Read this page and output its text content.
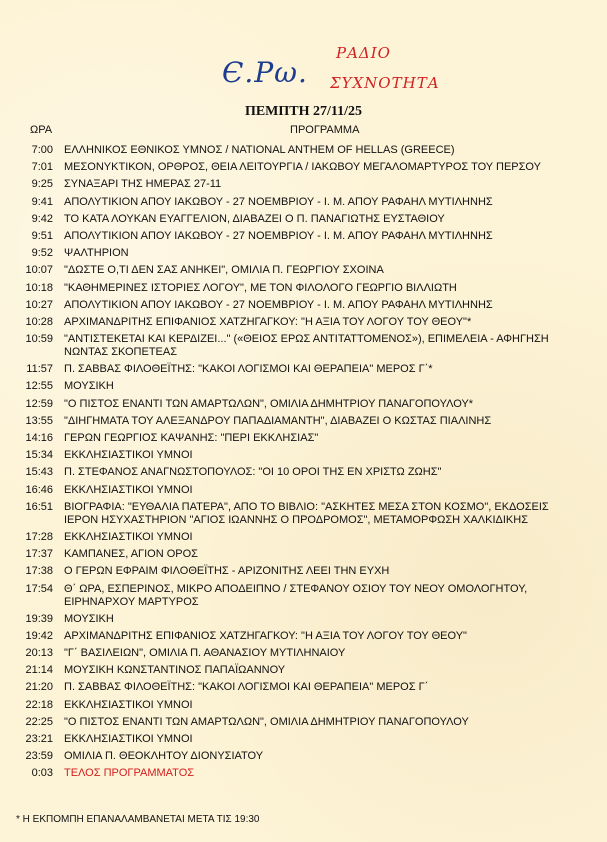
Є.Ρω.
ΡΑΔΙΟ
ΣΥΧΝΟΤΗΤΑ
ΠΕΜΠΤΗ 27/11/25
ΩΡΑ	ΠΡΟΓΡΑΜΜΑ
7:00 ΕΛΛΗΝΙΚΟΣ ΕΘΝΙΚΟΣ ΥΜΝΟΣ / NATIONAL ANTHEM OF HELLAS (GREECE)
7:01 ΜΕΣΟΝΥΚΤΙΚΟΝ, ΟΡΘΡΟΣ, ΘΕΙΑ ΛΕΙΤΟΥΡΓΙΑ / ΙΑΚΩΒΟΥ ΜΕΓΑΛΟΜΑΡΤΥΡΟΣ ΤΟΥ ΠΕΡΣΟΥ
9:25 ΣΥΝΑΞΑΡΙ ΤΗΣ ΗΜΕΡΑΣ 27-11
9:41 ΑΠΟΛΥΤΙΚΙΟΝ ΑΠΟΥ ΙΑΚΩΒΟΥ - 27 ΝΟΕΜΒΡΙΟΥ - Ι. Μ. ΑΠΟΥ ΡΑΦΑΗΛ ΜΥΤΙΛΗΝΗΣ
9:42 ΤΟ ΚΑΤΑ ΛΟΥΚΑΝ ΕΥΑΓΓΕΛΙΟΝ, ΔΙΑΒΑΖΕΙ Ο Π. ΠΑΝΑΓΙΩΤΗΣ ΕΥΣΤΑΘΙΟΥ
9:51 ΑΠΟΛΥΤΙΚΙΟΝ ΑΠΟΥ ΙΑΚΩΒΟΥ - 27 ΝΟΕΜΒΡΙΟΥ - Ι. Μ. ΑΠΟΥ ΡΑΦΑΗΛ ΜΥΤΙΛΗΝΗΣ
9:52 ΨΑΛΤΗΡΙΟΝ
10:07 "ΔΩΣΤΕ Ο,ΤΙ ΔΕΝ ΣΑΣ ΑΝΗΚΕΙ", ΟΜΙΛΙΑ Π. ΓΕΩΡΓΙΟΥ ΣΧΟΙΝΑ
10:18 "ΚΑΘΗΜΕΡΙΝΕΣ ΙΣΤΟΡΙΕΣ ΛΟΓΟΥ", ΜΕ ΤΟΝ ΦΙΛΟΛΟΓΟ ΓΕΩΡΓΙΟ ΒΙΛΛΙΩΤΗ
10:27 ΑΠΟΛΥΤΙΚΙΟΝ ΑΠΟΥ ΙΑΚΩΒΟΥ - 27 ΝΟΕΜΒΡΙΟΥ - Ι. Μ. ΑΠΟΥ ΡΑΦΑΗΛ ΜΥΤΙΛΗΝΗΣ
10:28 ΑΡΧΙΜΑΝΔΡΙΤΗΣ ΕΠΙΦΑΝΙΟΣ ΧΑΤΖΗΓΑΓΚΟΥ: "Η ΑΞΙΑ ΤΟΥ ΛΟΓΟΥ ΤΟΥ ΘΕΟΥ"*
10:59 "ΑΝΤΙΣΤΕΚΕΤΑΙ ΚΑΙ ΚΕΡΔΙΖΕΙ..." («ΘΕΙΟΣ ΕΡΩΣ ΑΝΤΙΤΑΤΤΟΜΕΝΟΣ»), ΕΠΙΜΕΛΕΙΑ - ΑΦΗΓΗΣΗ
ΝΩΝΤΑΣ ΣΚΟΠΕΤΕΑΣ
11:57 Π. ΣΑΒΒΑΣ ΦΙΛΟΘΕΪΤΗΣ: "ΚΑΚΟΙ ΛΟΓΙΣΜΟΙ ΚΑΙ ΘΕΡΑΠΕΙΑ" ΜΕΡΟΣ Γ΄*
12:55 ΜΟΥΣΙΚΗ
12:59 "Ο ΠΙΣΤΟΣ ΕΝΑΝΤΙ ΤΩΝ ΑΜΑΡΤΩΛΩΝ", ΟΜΙΛΙΑ ΔΗΜΗΤΡΙΟΥ ΠΑΝΑΓΟΠΟΥΛΟΥ*
13:55 "ΔΙΗΓΗΜΑΤΑ ΤΟΥ ΑΛΕΞΑΝΔΡΟΥ ΠΑΠΑΔΙΑΜΑΝΤΗ", ΔΙΑΒΑΖΕΙ Ο ΚΩΣΤΑΣ ΠΙΑΛΙΝΗΣ
14:16 ΓΕΡΩΝ ΓΕΩΡΓΙΟΣ ΚΑΨΑΝΗΣ: "ΠΕΡΙ ΕΚΚΛΗΣΙΑΣ"
15:34 ΕΚΚΛΗΣΙΑΣΤΙΚΟΙ ΥΜΝΟΙ
15:43 Π. ΣΤΕΦΑΝΟΣ ΑΝΑΓΝΩΣΤΟΠΟΥΛΟΣ: "ΟΙ 10 ΟΡΟΙ ΤΗΣ ΕΝ ΧΡΙΣΤΩ ΖΩΗΣ"
16:46 ΕΚΚΛΗΣΙΑΣΤΙΚΟΙ ΥΜΝΟΙ
16:51 ΒΙΟΓΡΑΦΙΑ: "ΕΥΘΑΛΙΑ ΠΑΤΕΡΑ", ΑΠΟ ΤΟ ΒΙΒΛΙΟ: "ΑΣΚΗΤΕΣ ΜΕΣΑ ΣΤΟΝ ΚΟΣΜΟ", ΕΚΔΟΣΕΙΣ
ΙΕΡΟΝ ΗΣΥΧΑΣΤΗΡΙΟΝ "ΑΓΙΟΣ ΙΩΑΝΝΗΣ Ο ΠΡΟΔΡΟΜΟΣ", ΜΕΤΑΜΟΡΦΩΣΗ ΧΑΛΚΙΔΙΚΗΣ
17:28 ΕΚΚΛΗΣΙΑΣΤΙΚΟΙ ΥΜΝΟΙ
17:37 ΚΑΜΠΑΝΕΣ, ΑΓΙΟΝ ΟΡΟΣ
17:38 Ο ΓΕΡΩΝ ΕΦΡΑΙΜ ΦΙΛΟΘΕΪΤΗΣ - ΑΡΙΖΟΝΙΤΗΣ ΛΕΕΙ ΤΗΝ ΕΥΧΗ
17:54 Θ΄ ΩΡΑ, ΕΣΠΕΡΙΝΟΣ, ΜΙΚΡΟ ΑΠΟΔΕΙΠΝΟ / ΣΤΕΦΑΝΟΥ ΟΣΙΟΥ ΤΟΥ ΝΕΟΥ ΟΜΟΛΟΓΗΤΟΥ,
ΕΙΡΗΝΑΡΧΟΥ ΜΑΡΤΥΡΟΣ
19:39 ΜΟΥΣΙΚΗ
19:42 ΑΡΧΙΜΑΝΔΡΙΤΗΣ ΕΠΙΦΑΝΙΟΣ ΧΑΤΖΗΓΑΓΚΟΥ: "Η ΑΞΙΑ ΤΟΥ ΛΟΓΟΥ ΤΟΥ ΘΕΟΥ"
20:13 "Γ΄ ΒΑΣΙΛΕΙΩΝ", ΟΜΙΛΙΑ Π. ΑΘΑΝΑΣΙΟΥ ΜΥΤΙΛΗΝΑΙΟΥ
21:14 ΜΟΥΣΙΚΗ ΚΩΝΣΤΑΝΤΙΝΟΣ ΠΑΠΑΪΩΑΝΝΟΥ
21:20 Π. ΣΑΒΒΑΣ ΦΙΛΟΘΕΪΤΗΣ: "ΚΑΚΟΙ ΛΟΓΙΣΜΟΙ ΚΑΙ ΘΕΡΑΠΕΙΑ" ΜΕΡΟΣ Γ΄
22:18 ΕΚΚΛΗΣΙΑΣΤΙΚΟΙ ΥΜΝΟΙ
22:25 "Ο ΠΙΣΤΟΣ ΕΝΑΝΤΙ ΤΩΝ ΑΜΑΡΤΩΛΩΝ", ΟΜΙΛΙΑ ΔΗΜΗΤΡΙΟΥ ΠΑΝΑΓΟΠΟΥΛΟΥ
23:21 ΕΚΚΛΗΣΙΑΣΤΙΚΟΙ ΥΜΝΟΙ
23:59 ΟΜΙΛΙΑ Π. ΘΕΟΚΛΗΤΟΥ ΔΙΟΝΥΣΙΑΤΟΥ
0:03 ΤΕΛΟΣ ΠΡΟΓΡΑΜΜΑΤΟΣ
* Η ΕΚΠΟΜΠΗ ΕΠΑΝΑΛΑΜΒΑΝΕΤΑΙ ΜΕΤΑ ΤΙΣ 19:30
